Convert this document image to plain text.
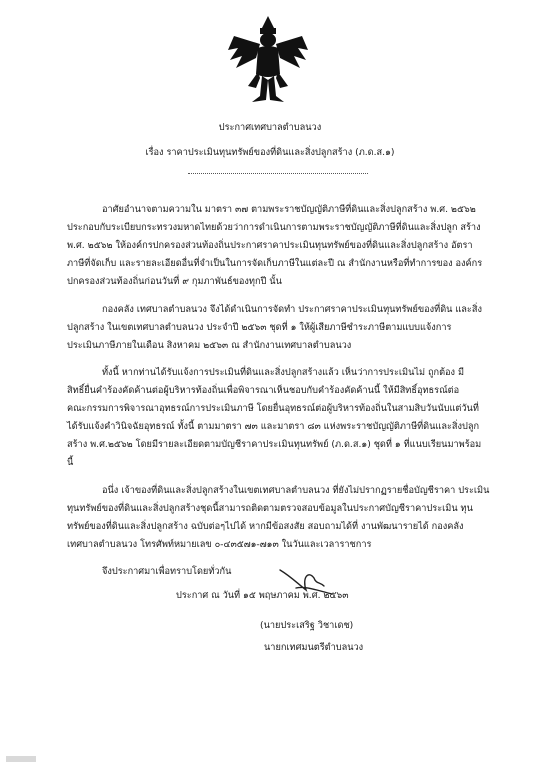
ประกาศเทศบาลตำบลนวง
เรื่อง ราคาประเมินทุนทรัพย์ของที่ดินและสิ่งปลูกสร้าง (ภ.ด.ส.๑)
อาศัยอำนาจตามความใน มาตรา ๓๗ ตามพระราชบัญญัติภาษีที่ดินและสิ่งปลูกสร้าง พ.ศ. ๒๕๖๒
ประกอบกับระเบียบกระทรวงมหาดไทยด้วยว่าการดำเนินการตามพระราชบัญญัติภาษีที่ดินและสิ่งปลูก สร้าง
พ.ศ. ๒๕๖๒ ให้องค์กรปกครองส่วนท้องถิ่นประกาศราคาประเมินทุนทรัพย์ของที่ดินและสิ่งปลูกสร้าง อัตรา
ภาษีที่จัดเก็บ และรายละเอียดอื่นที่จำเป็นในการจัดเก็บภาษีในแต่ละปี ณ สำนักงานหรือที่ทำการของ องค์กร
ปกครองส่วนท้องถิ่นก่อนวันที่ ๙ กุมภาพันธ์ของทุกปี นั้น
กองคลัง เทศบาลตำบลนวง จึงได้ดำเนินการจัดทำ ประกาศราคาประเมินทุนทรัพย์ของที่ดิน และสิ่ง
ปลูกสร้าง ในเขตเทศบาลตำบลนวง ประจำปี ๒๕๖๓ ชุดที่ ๑ ให้ผู้เสียภาษีชำระภาษีตามแบบแจ้งการ
ประเมินภาษีภายในเดือน สิงหาคม ๒๕๖๓ ณ สำนักงานเทศบาลตำบลนวง
ทั้งนี้ หากท่านได้รับแจ้งการประเมินที่ดินและสิ่งปลูกสร้างแล้ว เห็นว่าการประเมินไม่ ถูกต้อง มี
สิทธิ์ยื่นคำร้องคัดค้านต่อผู้บริหารท้องถิ่นเพื่อพิจารณาเห็นชอบกับคำร้องคัดค้านนี้ ให้มีสิทธิ์อุทธรณ์ต่อ
คณะกรรมการพิจารณาอุทธรณ์การประเมินภาษี โดยยื่นอุทธรณ์ต่อผู้บริหารท้องถิ่นในสามสิบวันนับแต่วันที่
ได้รับแจ้งคำวินิจฉัยอุทธรณ์ ทั้งนี้ ตามมาตรา ๗๓ และมาตรา ๘๓ แห่งพระราชบัญญัติภาษีที่ดินและสิ่งปลูก
สร้าง พ.ศ.๒๕๖๒ โดยมีรายละเอียดตามบัญชีราคาประเมินทุนทรัพย์ (ภ.ด.ส.๑) ชุดที่ ๑ ที่แนบเรียนมาพร้อม
นี้
อนึ่ง เจ้าของที่ดินและสิ่งปลูกสร้างในเขตเทศบาลตำบลนวง ที่ยังไม่ปรากฏรายชื่อบัญชีราคา ประเมิน
ทุนทรัพย์ของที่ดินและสิ่งปลูกสร้างชุดนี้สามารถติดตามตรวจสอบข้อมูลในประกาศบัญชีราคาประเมิน ทุน
ทรัพย์ของที่ดินและสิ่งปลูกสร้าง ฉบับต่อๆไปได้ หากมีข้อสงสัย สอบถามได้ที่ งานพัฒนารายได้ กองคลัง
เทศบาลตำบลนวง โทรศัพท์หมายเลข ๐-๔๓๕๗๑-๗๑๓ ในวันและเวลาราชการ
จึงประกาศมาเพื่อทราบโดยทั่วกัน
ประกาศ ณ วันที่ ๑๕ พฤษภาคม พ.ศ. ๒๕๖๓
(นายประเสริฐ วิชาเดช)
นายกเทศมนตรีตำบลนวง
